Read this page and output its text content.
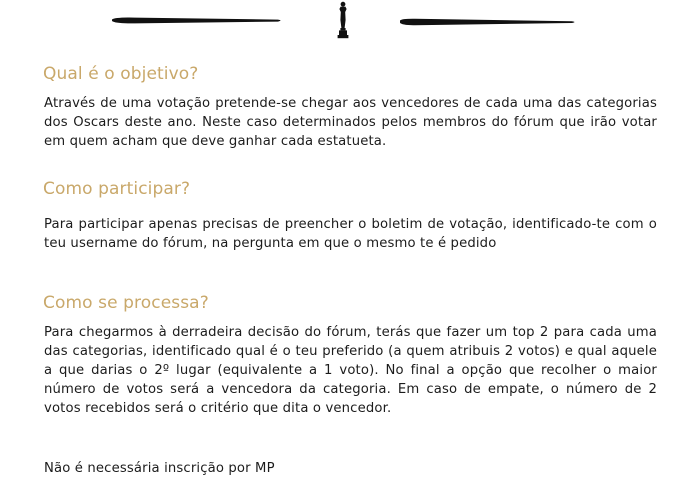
Qual é o objetivo?

Através de uma votação pretende-se chegar aos vencedores de cada uma das categorias dos Oscars deste ano. Neste caso determinados pelos membros do fórum que irão votar em quem acham que deve ganhar cada estatueta.

Como participar?

Para participar apenas precisas de preencher o boletim de votação, identificado-te com o teu username do fórum, na pergunta em que o mesmo te é pedido

Como se processa?

Para chegarmos à derradeira decisão do fórum, terás que fazer um top 2 para cada uma das categorias, identificado qual é o teu preferido (a quem atribuis 2 votos) e qual aquele a que darias o 2º lugar (equivalente a 1 voto). No final a opção que recolher o maior número de votos será a vencedora da categoria. Em caso de empate, o número de 2 votos recebidos será o critério que dita o vencedor.

Não é necessária inscrição por MP
